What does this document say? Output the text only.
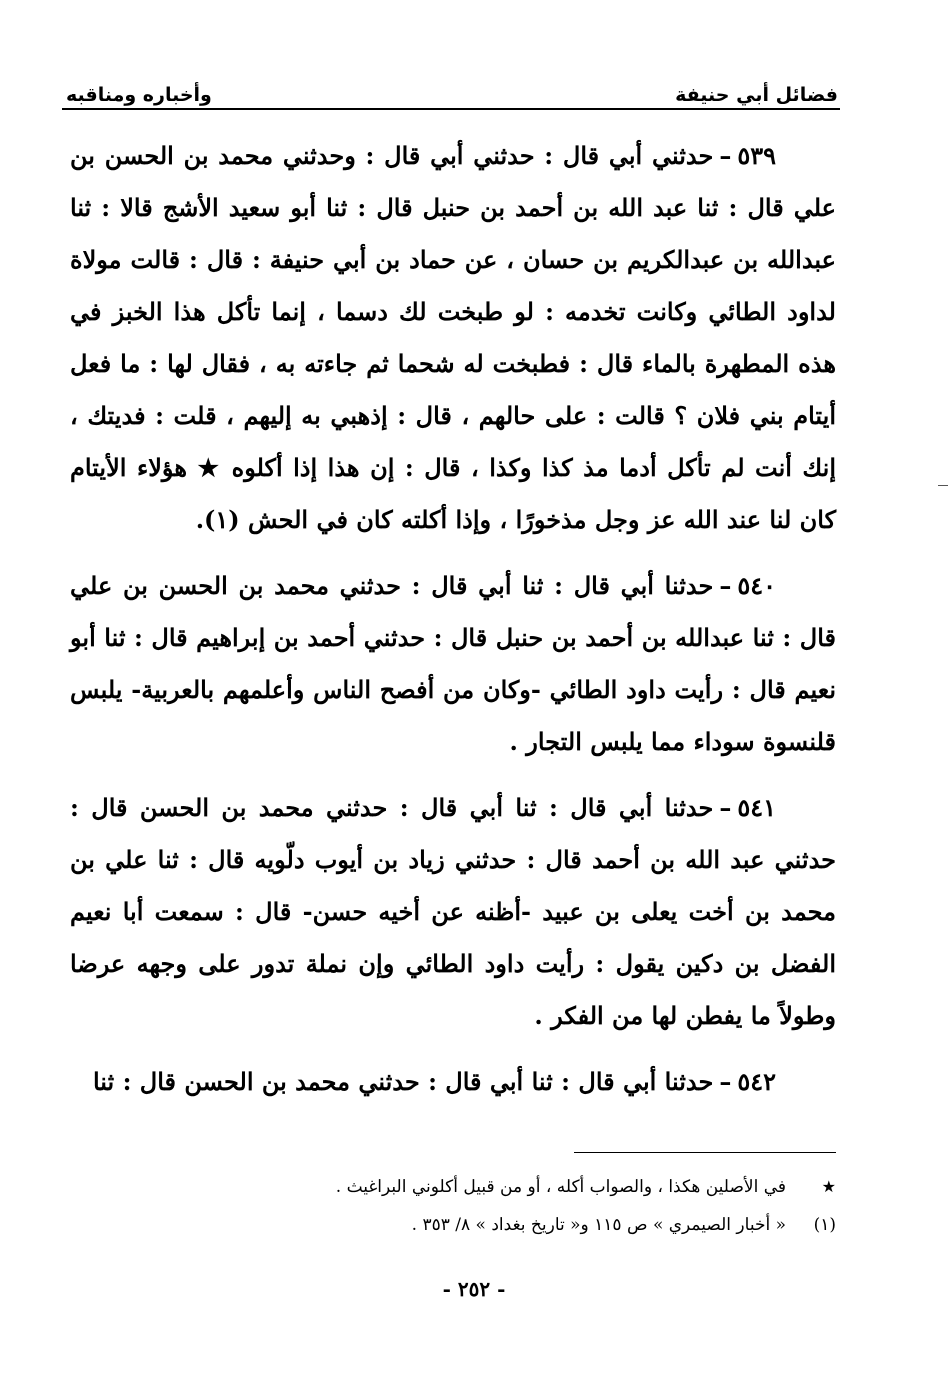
فضائل أبي حنيفة
وأخباره ومناقبه

٥٣٩–حدثني أبي قال : حدثني أبي قال : وحدثني محمد بن الحسن بن علي قال : ثنا عبد الله بن أحمد بن حنبل قال : ثنا أبو سعيد الأشج قالا : ثنا عبدالله بن عبدالكريم بن حسان ، عن حماد بن أبي حنيفة : قال : قالت مولاة لداود الطائي وكانت تخدمه : لو طبخت لك دسما ، إنما تأكل هذا الخبز في هذه المطهرة بالماء قال : فطبخت له شحما ثم جاءته به ، فقال لها : ما فعل أيتام بني فلان ؟ قالت : على حالهم ، قال : إذهبي به إليهم ، قلت : فديتك ، إنك أنت لم تأكل أدما مذ كذا وكذا ، قال : إن هذا إذا أكلوه ★ هؤلاء الأيتام كان لنا عند الله عز وجل مذخورًا ، وإذا أكلته كان في الحش (١).

٥٤٠–حدثنا أبي قال : ثنا أبي قال : حدثني محمد بن الحسن بن علي قال : ثنا عبدالله بن أحمد بن حنبل قال : حدثني أحمد بن إبراهيم قال : ثنا أبو نعيم قال : رأيت داود الطائي -وكان من أفصح الناس وأعلمهم بالعربية- يلبس قلنسوة سوداء مما يلبس التجار .

٥٤١–حدثنا أبي قال : ثنا أبي قال : حدثني محمد بن الحسن قال : حدثني عبد الله بن أحمد قال : حدثني زياد بن أيوب دلّويه قال : ثنا علي بن محمد بن أخت يعلى بن عبيد -أظنه عن أخيه حسن- قال : سمعت أبا نعيم الفضل بن دكين يقول : رأيت داود الطائي وإن نملة تدور على وجهه عرضا وطولاً ما يفطن لها من الفكر .

٥٤٢–حدثنا أبي قال : ثنا أبي قال : حدثني محمد بن الحسن قال : ثنا

★
في الأصلين هكذا ، والصواب أكله ، أو من قبيل أكلوني البراغيث .
(١)
« أخبار الصيمري » ص ١١٥ و« تاريخ بغداد » ٨/ ٣٥٣ .
- ٢٥٢ -
